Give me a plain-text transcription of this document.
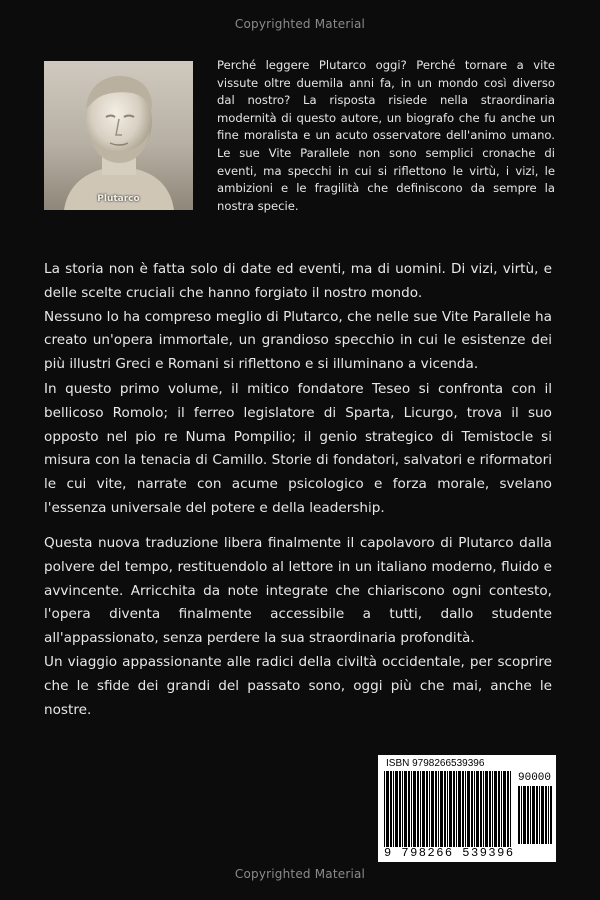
Copyrighted Material
Plutarco
Perché leggere Plutarco oggi? Perché tornare a vite vissute oltre duemila anni fa, in un mondo così diverso dal nostro? La risposta risiede nella straordinaria modernità di questo autore, un biografo che fu anche un fine moralista e un acuto osservatore dell'animo umano. Le sue Vite Parallele non sono semplici cronache di eventi, ma specchi in cui si riflettono le virtù, i vizi, le ambizioni e le fragilità che definiscono da sempre la nostra specie.
La storia non è fatta solo di date ed eventi, ma di uomini. Di vizi, virtù, e delle scelte cruciali che hanno forgiato il nostro mondo.
Nessuno lo ha compreso meglio di Plutarco, che nelle sue Vite Parallele ha creato un'opera immortale, un grandioso specchio in cui le esistenze dei più illustri Greci e Romani si riflettono e si illuminano a vicenda.
In questo primo volume, il mitico fondatore Teseo si confronta con il bellicoso Romolo; il ferreo legislatore di Sparta, Licurgo, trova il suo opposto nel pio re Numa Pompilio; il genio strategico di Temistocle si misura con la tenacia di Camillo. Storie di fondatori, salvatori e riformatori le cui vite, narrate con acume psicologico e forza morale, svelano l'essenza universale del potere e della leadership.
Questa nuova traduzione libera finalmente il capolavoro di Plutarco dalla polvere del tempo, restituendolo al lettore in un italiano moderno, fluido e avvincente. Arricchita da note integrate che chiariscono ogni contesto, l'opera diventa finalmente accessibile a tutti, dallo studente all'appassionato, senza perdere la sua straordinaria profondità.
Un viaggio appassionante alle radici della civiltà occidentale, per scoprire che le sfide dei grandi del passato sono, oggi più che mai, anche le nostre.
ISBN 9798266539396
90000
9 798266 539396
Copyrighted Material
